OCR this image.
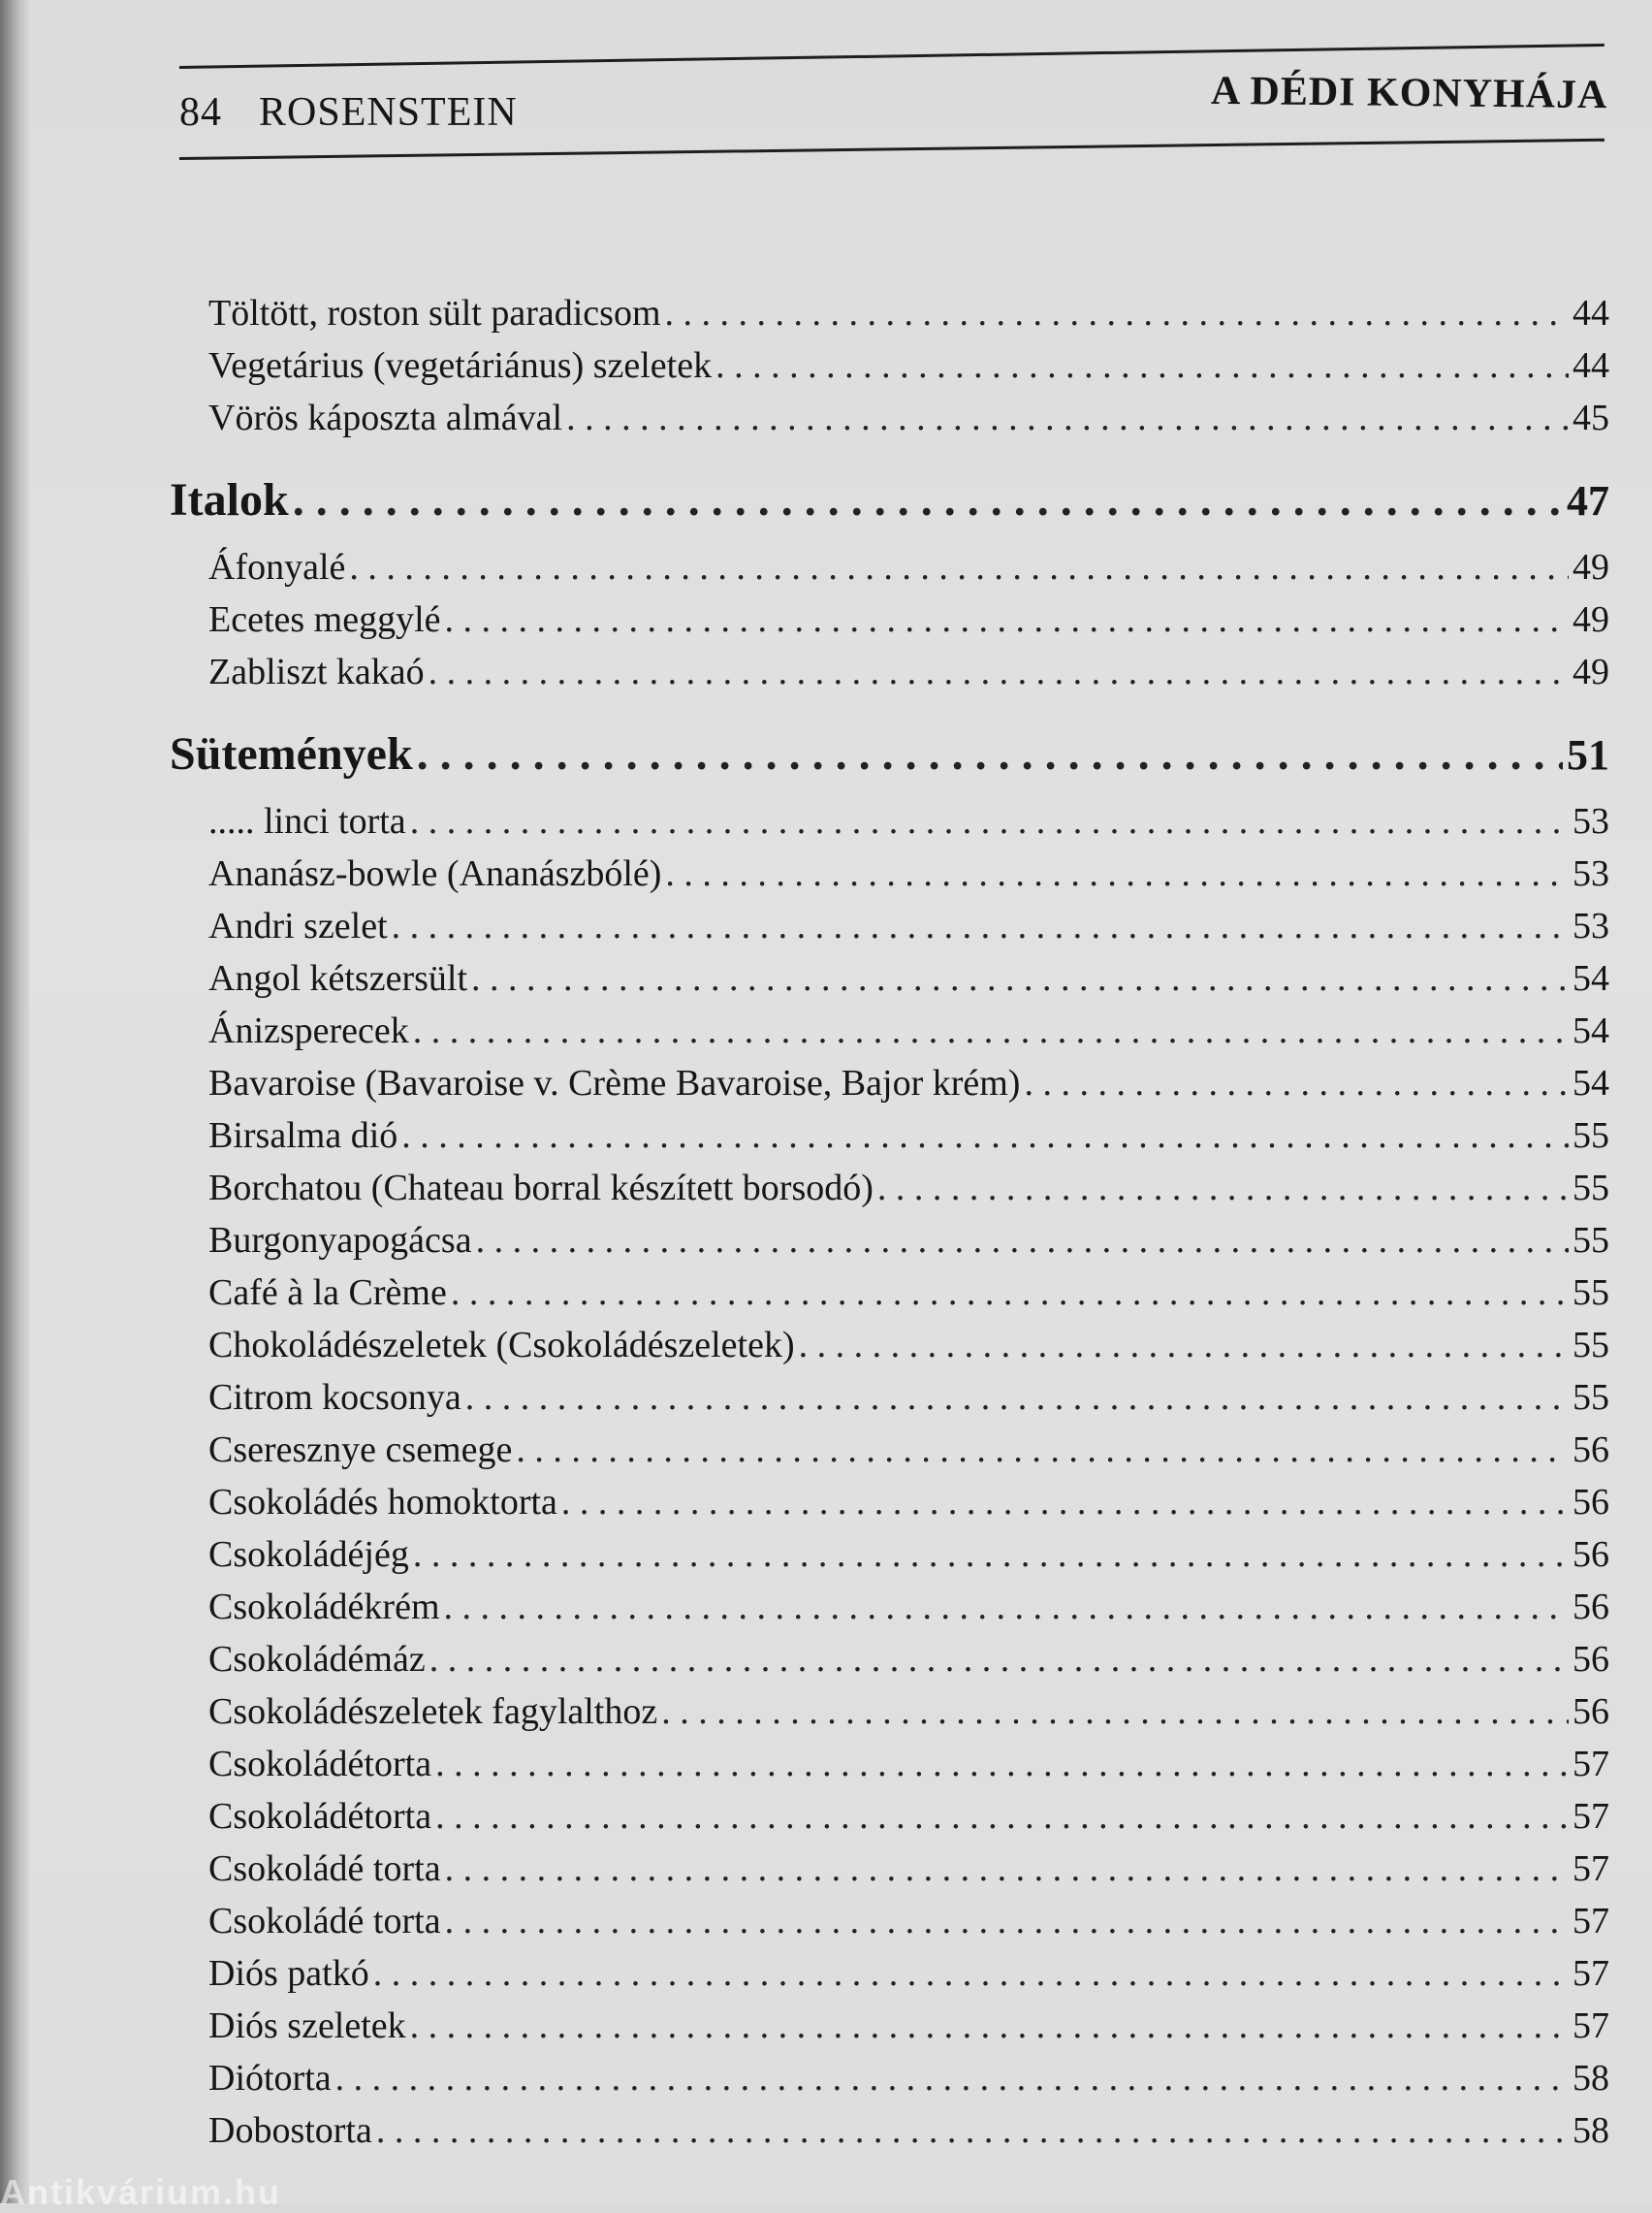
84 ROSENSTEIN	A DÉDI KONYHÁJA
Töltött, roston sült paradicsom . . .	44
Vegetárius (vegetáriánus) szeletek . . .	44
Vörös káposzta almával . . .	45
Italok . . .	47
Áfonyalé . . .	49
Ecetes meggylé . . .	49
Zabliszt kakaó . . .	49
Sütemények . . .	51
..... linci torta . . .	53
Ananász-bowle (Ananászbólé) . . .	53
Andri szelet . . .	53
Angol kétszersült . . .	54
Ánizsperecek . . .	54
Bavaroise (Bavaroise v. Crème Bavaroise, Bajor krém) . . .	54
Birsalma dió . . .	55
Borchatou (Chateau borral készített borsodó) . . .	55
Burgonyapogácsa . . .	55
Café à la Crème . . .	55
Chokoládészeletek (Csokoládészeletek) . . .	55
Citrom kocsonya . . .	55
Cseresznye csemege . . .	56
Csokoládés homoktorta . . .	56
Csokoládéjég . . .	56
Csokoládékrém . . .	56
Csokoládémáz . . .	56
Csokoládészeletek fagylalthoz . . .	56
Csokoládétorta . . .	57
Csokoládétorta . . .	57
Csokoládé torta . . .	57
Csokoládé torta . . .	57
Diós patkó . . .	57
Diós szeletek . . .	57
Diótorta . . .	58
Dobostorta . . .	58
Antikvárium.hu
